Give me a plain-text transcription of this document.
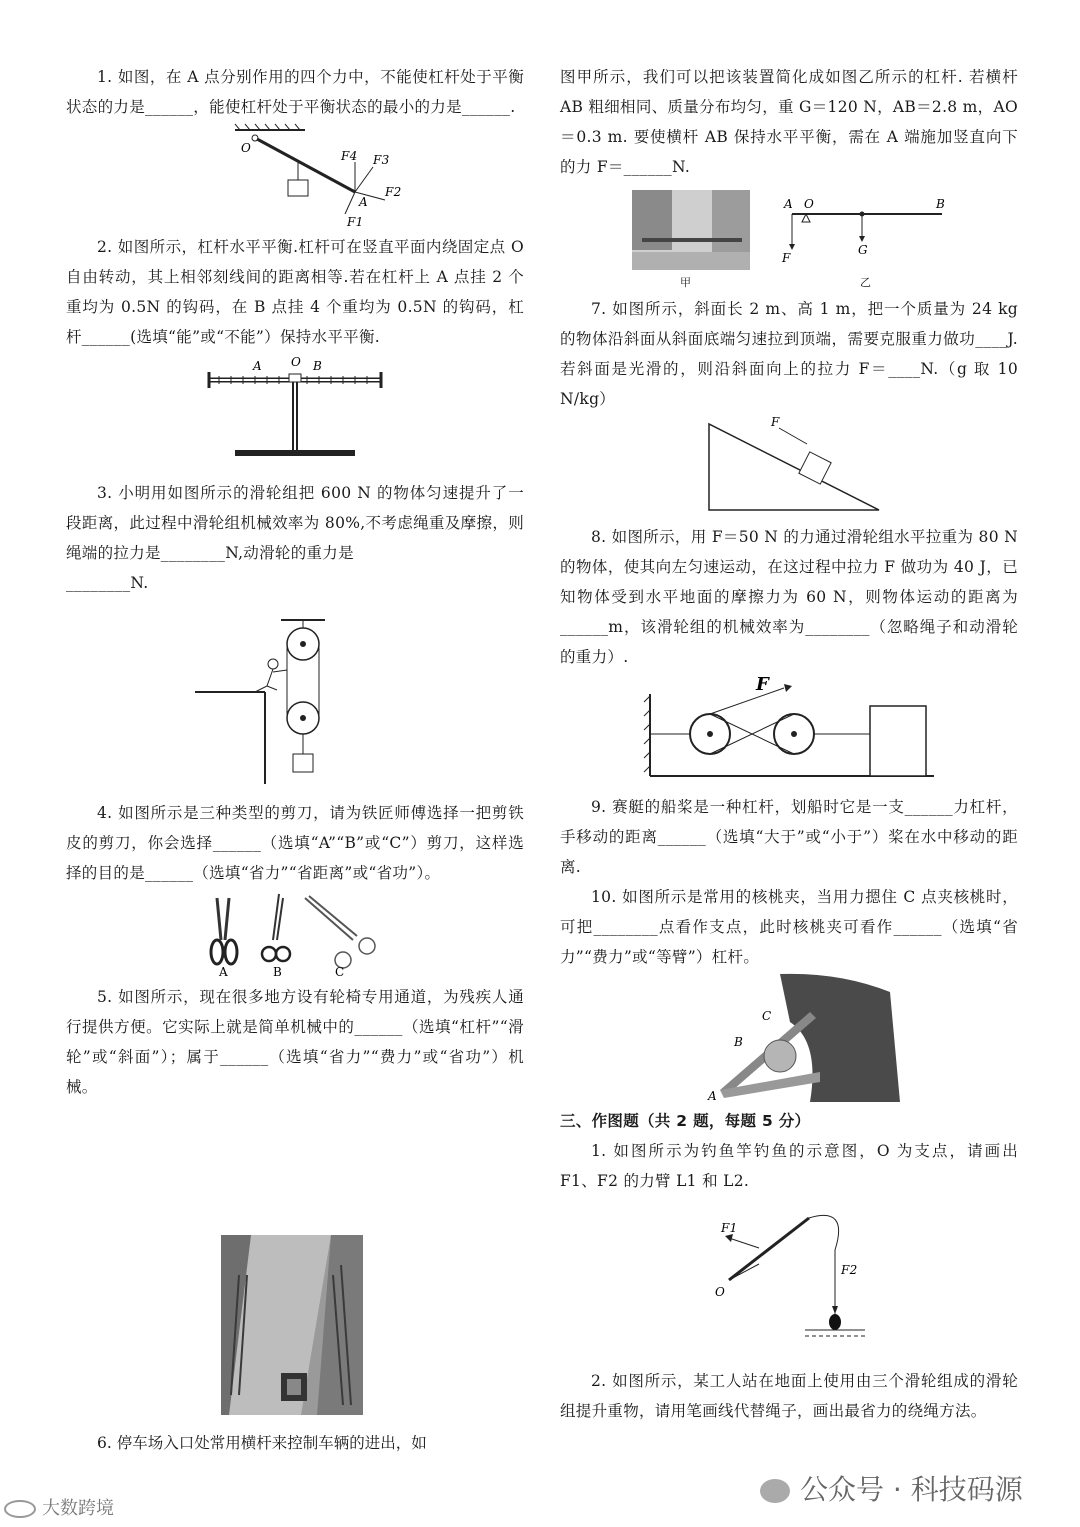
1. 如图，在 A 点分别作用的四个力中，不能使杠杆处于平衡状态的力是______，能使杠杆处于平衡状态的最小的力是______.

O
F4 F3
F2
A
F1

2. 如图所示，杠杆水平平衡.杠杆可在竖直平面内绕固定点 O 自由转动，其上相邻刻线间的距离相等.若在杠杆上 A 点挂 2 个重均为 0.5N 的钩码，在 B 点挂 4 个重均为 0.5N 的钩码，杠杆______(选填“能”或“不能”）保持水平平衡.

A O B

3. 小明用如图所示的滑轮组把 600 N 的物体匀速提升了一段距离，此过程中滑轮组机械效率为 80%,不考虑绳重及摩擦，则绳端的拉力是________N,动滑轮的重力是

________N.

4. 如图所示是三种类型的剪刀，请为铁匠师傅选择一把剪铁皮的剪刀，你会选择______（选填“A”“B”或“C”）剪刀，这样选择的目的是______（选填“省力”“省距离”或“省功”）。

A	B	C

5. 如图所示，现在很多地方设有轮椅专用通道，为残疾人通行提供方便。它实际上就是简单机械中的______（选填“杠杆”“滑轮”或“斜面”）；属于______（选填“省力”“费力”或“省功”）机械。

6. 停车场入口处常用横杆来控制车辆的进出，如

图甲所示，我们可以把该装置简化成如图乙所示的杠杆. 若横杆 AB 粗细相同、质量分布均匀，重 G＝120 N，AB＝2.8 m，AO＝0.3 m. 要使横杆 AB 保持水平平衡，需在 A 端施加竖直向下的力 F＝______N.

甲
A O	B
G
F
乙

7. 如图所示，斜面长 2 m、高 1 m，把一个质量为 24 kg 的物体沿斜面从斜面底端匀速拉到顶端，需要克服重力做功____J.若斜面是光滑的，则沿斜面向上的拉力 F＝____N.（g 取 10 N/kg）

F

8. 如图所示，用 F＝50 N 的力通过滑轮组水平拉重为 80 N 的物体，使其向左匀速运动，在这过程中拉力 F 做功为 40 J，已知物体受到水平地面的摩擦力为 60 N，则物体运动的距离为______m，该滑轮组的机械效率为________（忽略绳子和动滑轮的重力）.

F

9. 赛艇的船桨是一种杠杆，划船时它是一支______力杠杆，手移动的距离______（选填“大于”或“小于”）桨在水中移动的距离.

10. 如图所示是常用的核桃夹，当用力摁住 C 点夹核桃时，可把________点看作支点，此时核桃夹可看作______（选填“省力”“费力”或“等臂”）杠杆。

A
B
C

三、作图题（共 2 题，每题 5 分）

1. 如图所示为钓鱼竿钓鱼的示意图，O 为支点，请画出 F1、F2 的力臂 L1 和 L2.

F1
F2
O

2. 如图所示，某工人站在地面上使用由三个滑轮组成的滑轮组提升重物，请用笔画线代替绳子，画出最省力的绕绳方法。

大数跨境
公众号 · 科技码源
